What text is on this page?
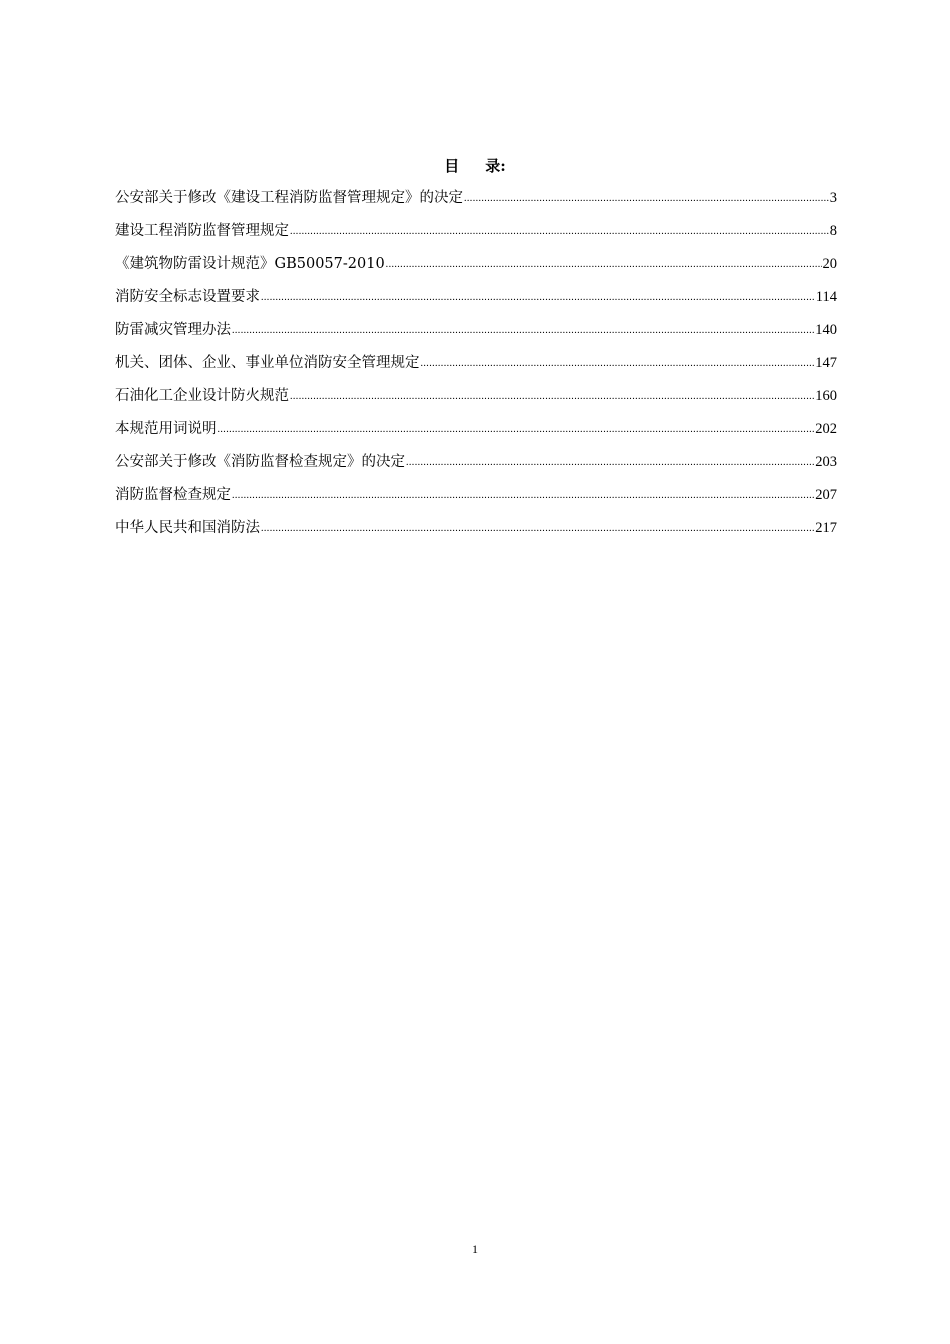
目 录:
公安部关于修改《建设工程消防监督管理规定》的决定 .....	3
建设工程消防监督管理规定 .....	8
《建筑物防雷设计规范》GB50057-2010 .....	20
消防安全标志设置要求 .....	114
防雷减灾管理办法 .....	140
机关、团体、企业、事业单位消防安全管理规定 .....	147
石油化工企业设计防火规范 .....	160
本规范用词说明 .....	202
公安部关于修改《消防监督检查规定》的决定 .....	203
消防监督检查规定 .....	207
中华人民共和国消防法 .....	217
1
